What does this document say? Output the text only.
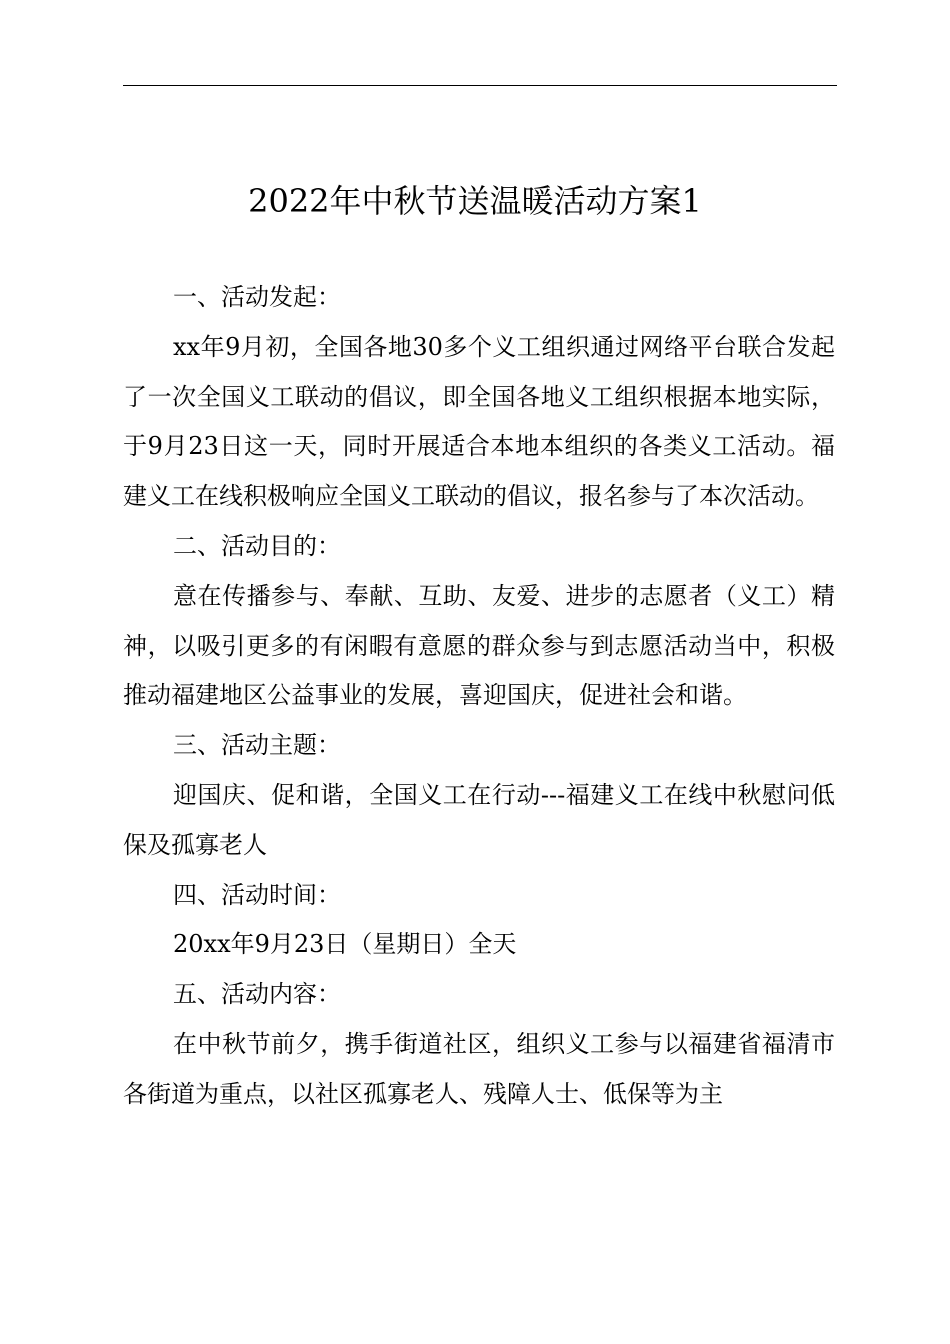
2022年中秋节送温暖活动方案1

一、活动发起：

xx年9月初，全国各地30多个义工组织通过网络平台联合发起了一次全国义工联动的倡议，即全国各地义工组织根据本地实际，于9月23日这一天，同时开展适合本地本组织的各类义工活动。福建义工在线积极响应全国义工联动的倡议，报名参与了本次活动。

二、活动目的：

意在传播参与、奉献、互助、友爱、进步的志愿者（义工）精神，以吸引更多的有闲暇有意愿的群众参与到志愿活动当中，积极推动福建地区公益事业的发展，喜迎国庆，促进社会和谐。

三、活动主题：

迎国庆、促和谐，全国义工在行动---福建义工在线中秋慰问低保及孤寡老人

四、活动时间：

20xx年9月23日（星期日）全天

五、活动内容：

在中秋节前夕，携手街道社区，组织义工参与以福建省福清市各街道为重点，以社区孤寡老人、残障人士、低保等为主
